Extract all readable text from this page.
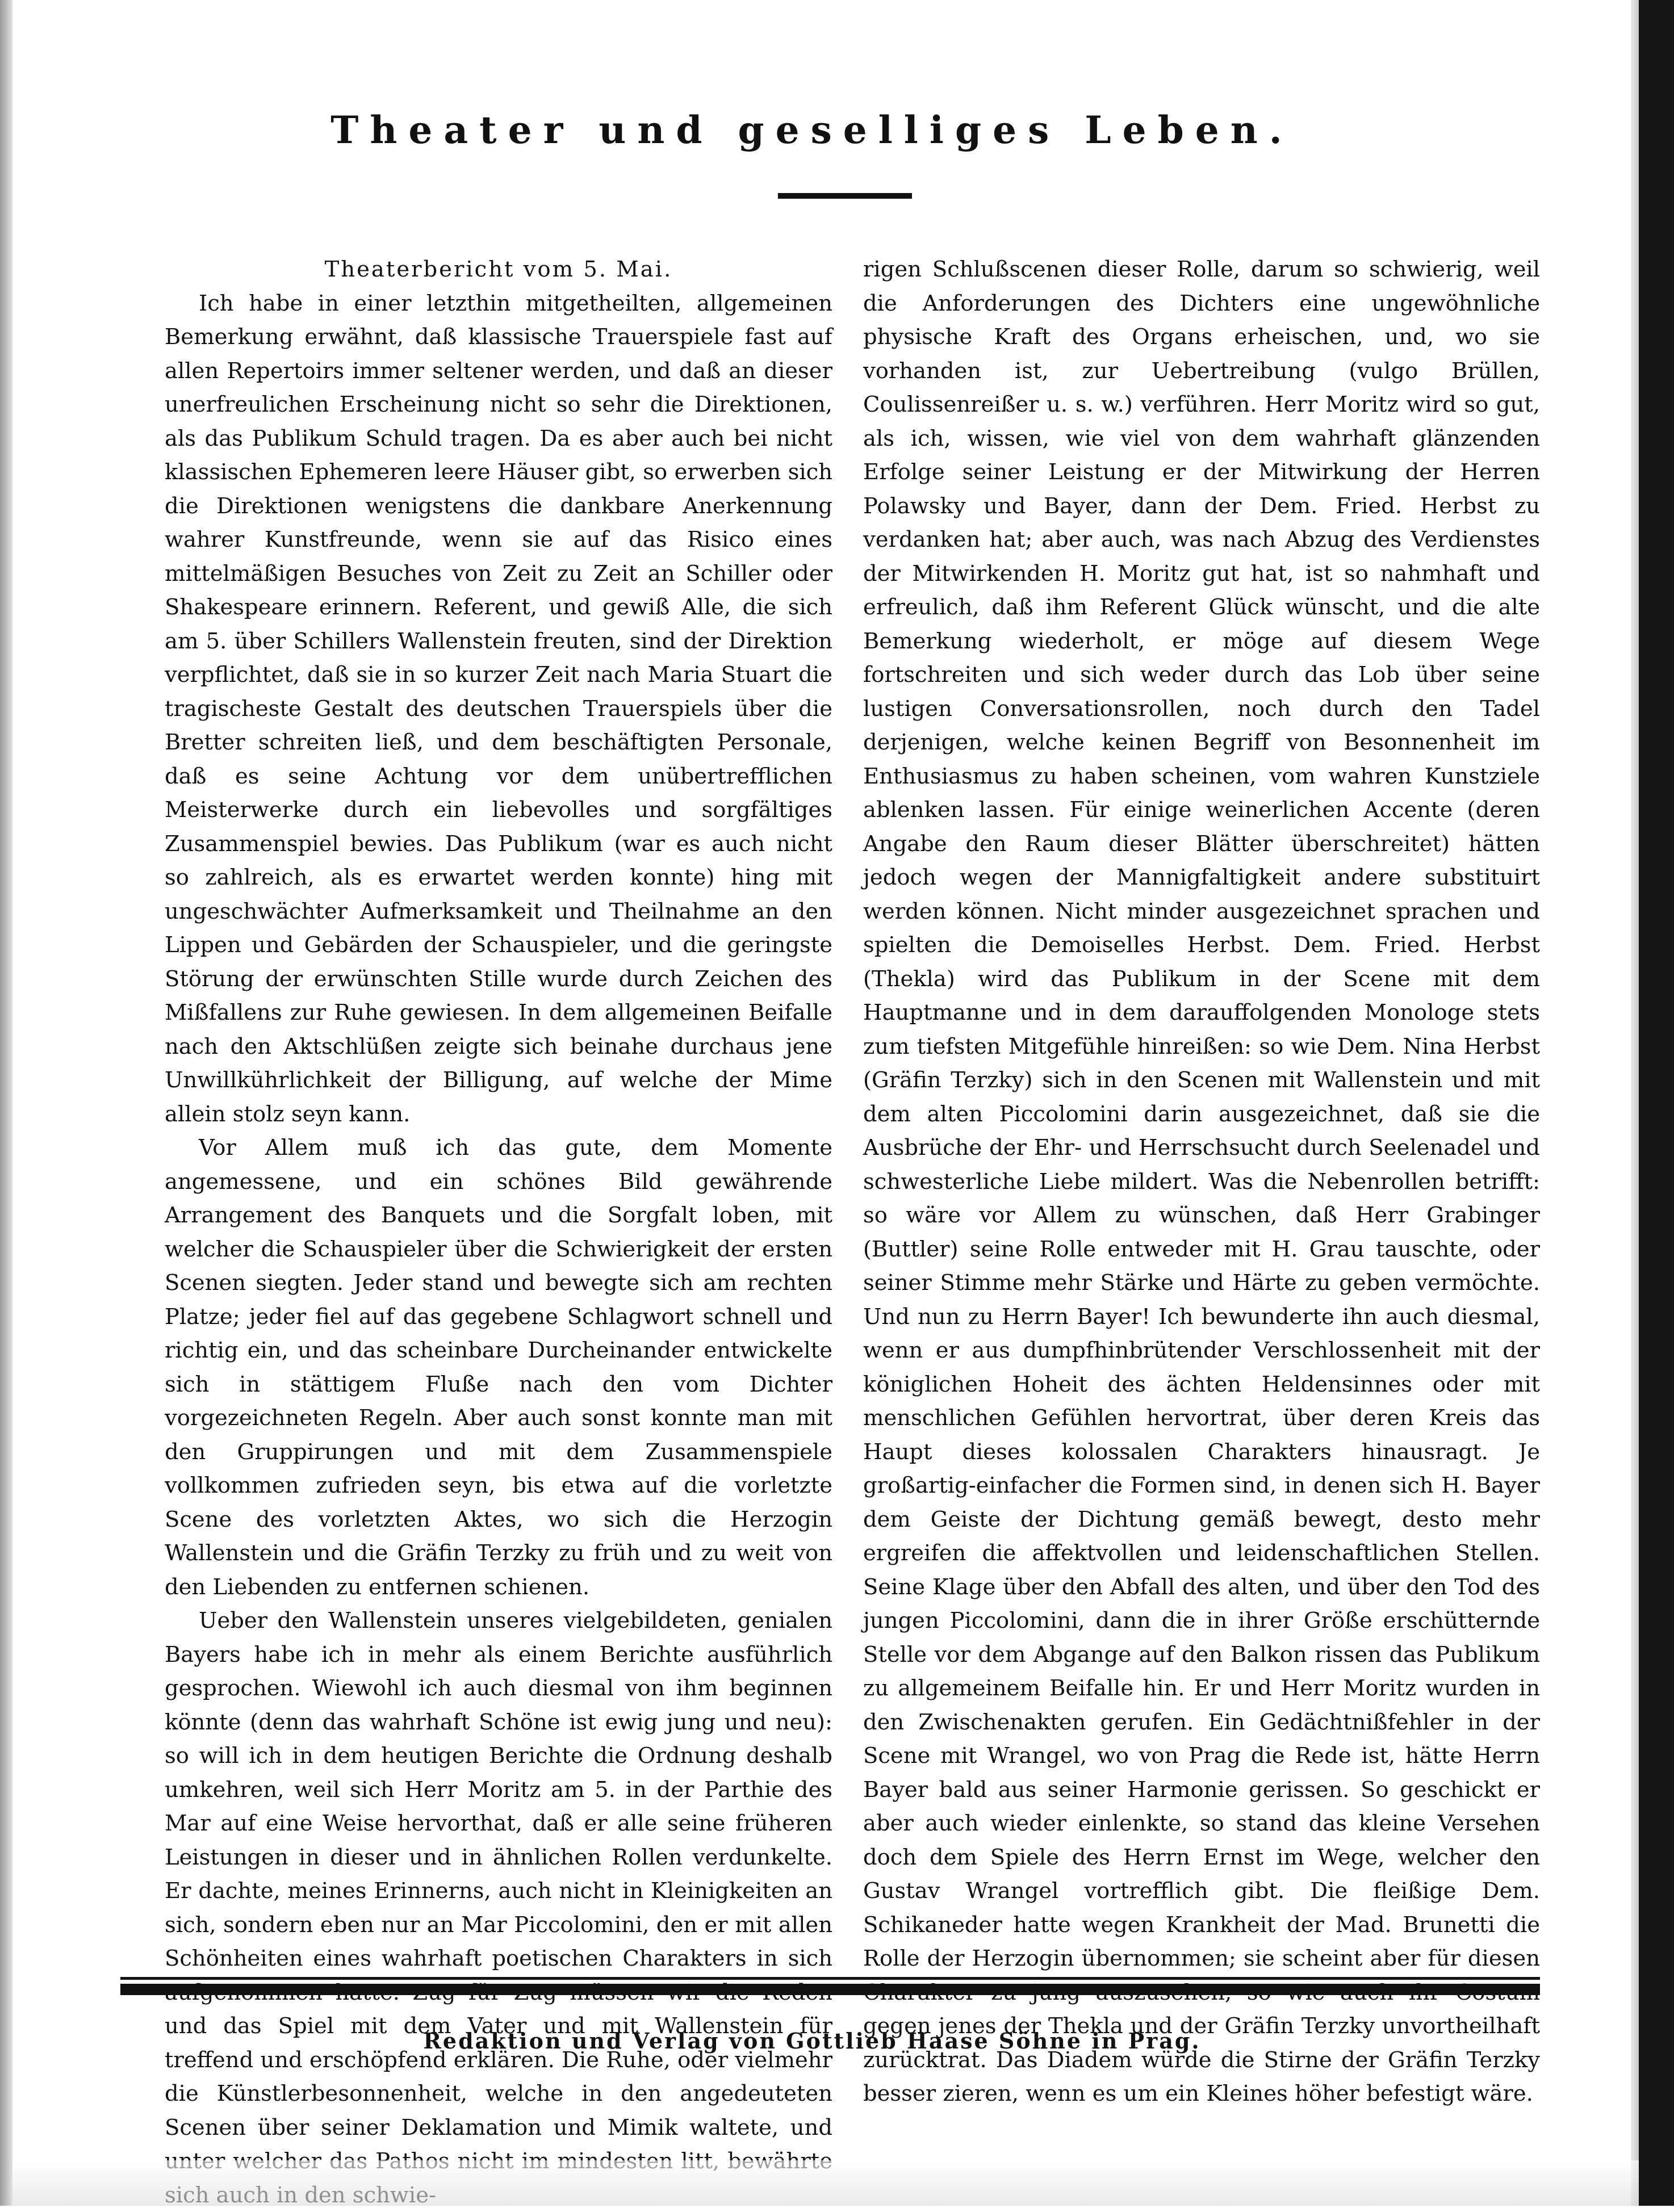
Theater und geselliges Leben.

Theaterbericht vom 5. Mai.

Ich habe in einer letzthin mitgetheilten, allgemeinen Bemerkung erwähnt, daß klassische Trauerspiele fast auf allen Repertoirs immer seltener werden, und daß an dieser unerfreulichen Erscheinung nicht so sehr die Direktionen, als das Publikum Schuld tragen. Da es aber auch bei nicht klassischen Ephemeren leere Häuser gibt, so erwerben sich die Direktionen wenigstens die dankbare Anerkennung wahrer Kunstfreunde, wenn sie auf das Risico eines mittelmäßigen Besuches von Zeit zu Zeit an Schiller oder Shakespeare erinnern. Referent, und gewiß Alle, die sich am 5. über Schillers Wallenstein freuten, sind der Direktion verpflichtet, daß sie in so kurzer Zeit nach Maria Stuart die tragischeste Gestalt des deutschen Trauerspiels über die Bretter schreiten ließ, und dem beschäftigten Personale, daß es seine Achtung vor dem unübertrefflichen Meisterwerke durch ein liebevolles und sorgfältiges Zusammenspiel bewies. Das Publikum (war es auch nicht so zahlreich, als es erwartet werden konnte) hing mit ungeschwächter Aufmerksamkeit und Theilnahme an den Lippen und Gebärden der Schauspieler, und die geringste Störung der erwünschten Stille wurde durch Zeichen des Mißfallens zur Ruhe gewiesen. In dem allgemeinen Beifalle nach den Aktschlüßen zeigte sich beinahe durchaus jene Unwillkührlichkeit der Billigung, auf welche der Mime allein stolz seyn kann.

Vor Allem muß ich das gute, dem Momente angemessene, und ein schönes Bild gewährende Arrangement des Banquets und die Sorgfalt loben, mit welcher die Schauspieler über die Schwierigkeit der ersten Scenen siegten. Jeder stand und bewegte sich am rechten Platze; jeder fiel auf das gegebene Schlagwort schnell und richtig ein, und das scheinbare Durcheinander entwickelte sich in stättigem Fluße nach den vom Dichter vorgezeichneten Regeln. Aber auch sonst konnte man mit den Gruppirungen und mit dem Zusammenspiele vollkommen zufrieden seyn, bis etwa auf die vorletzte Scene des vorletzten Aktes, wo sich die Herzogin Wallenstein und die Gräfin Terzky zu früh und zu weit von den Liebenden zu entfernen schienen.

Ueber den Wallenstein unseres vielgebildeten, genialen Bayers habe ich in mehr als einem Berichte ausführlich gesprochen. Wiewohl ich auch diesmal von ihm beginnen könnte (denn das wahrhaft Schöne ist ewig jung und neu): so will ich in dem heutigen Berichte die Ordnung deshalb umkehren, weil sich Herr Moritz am 5. in der Parthie des Mar auf eine Weise hervorthat, daß er alle seine früheren Leistungen in dieser und in ähnlichen Rollen verdunkelte. Er dachte, meines Erinnerns, auch nicht in Kleinigkeiten an sich, sondern eben nur an Mar Piccolomini, den er mit allen Schönheiten eines wahrhaft poetischen Charakters in sich und das Spiel mit dem Vater und mit Wallenstein für treffend und erschöpfend erklären. Die Ruhe, oder vielmehr die Künstlerbesonnenheit, welche in den angedeuteten Scenen über seiner Deklamation und Mimik waltete, und

rigen Schlußscenen dieser Rolle, darum so schwierig, weil die Anforderungen des Dichters eine ungewöhnliche physische Kraft des Organs erheischen, und, wo sie vorhanden ist, zur Uebertreibung (vulgo Brüllen, Coulissenreißer u. s. w.) verführen. Herr Moritz wird so gut, als ich, wissen, wie viel von dem wahrhaft glänzenden Erfolge seiner Leistung er der Mitwirkung der Herren Polawsky und Bayer, dann der Dem. Fried. Herbst zu verdanken hat; aber auch, was nach Abzug des Verdienstes der Mitwirkenden H. Moritz gut hat, ist so nahmhaft und erfreulich, daß ihm Referent Glück wünscht, und die alte Bemerkung wiederholt, er möge auf diesem Wege fortschreiten und sich weder durch das Lob über seine lustigen Conversationsrollen, noch durch den Tadel derjenigen, welche keinen Begriff von Besonnenheit im Enthusiasmus zu haben scheinen, vom wahren Kunstziele ablenken lassen. Für einige weinerlichen Accente (deren Angabe den Raum dieser Blätter überschreitet) hätten jedoch wegen der Mannigfaltigkeit andere substituirt werden können. Nicht minder ausgezeichnet sprachen und spielten die Demoiselles Herbst. Dem. Fried. Herbst (Thekla) wird das Publikum in der Scene mit dem Hauptmanne und in dem darauffolgenden Monologe stets zum tiefsten Mitgefühle hinreißen: so wie Dem. Nina Herbst (Gräfin Terzky) sich in den Scenen mit Wallenstein und mit dem alten Piccolomini darin ausgezeichnet, daß sie die Ausbrüche der Ehr- und Herrschsucht durch Seelenadel und schwesterliche Liebe mildert. Was die Nebenrollen betrifft: so wäre vor Allem zu wünschen, daß Herr Grabinger (Buttler) seine Rolle entweder mit H. Grau tauschte, oder seiner Stimme mehr Stärke und Härte zu geben vermöchte. Und nun zu Herrn Bayer! Ich bewunderte ihn auch diesmal, wenn er aus dumpfhinbrütender Verschlossenheit mit der königlichen Hoheit des ächten Heldensinnes oder mit menschlichen Gefühlen hervortrat, über deren Kreis das Haupt dieses kolossalen Charakters hinausragt. Je großartig-einfacher die Formen sind, in denen sich H. Bayer dem Geiste der Dichtung gemäß bewegt, desto mehr ergreifen die affektvollen und leidenschaftlichen Stellen. Seine Klage über den Abfall des alten, und über den Tod des jungen Piccolomini, dann die in ihrer Größe erschütternde Stelle vor dem Abgange auf den Balkon rissen das Publikum zu allgemeinem Beifalle hin. Er und Herr Moritz wurden in den Zwischenakten gerufen. Ein Gedächtnißfehler in der Scene mit Wrangel, wo von Prag die Rede ist, hätte Herrn Bayer bald aus seiner Harmonie gerissen. So geschickt er aber auch wieder einlenkte, so stand das kleine Versehen doch dem Spiele des Herrn Ernst im Wege, welcher den Gustav Wrangel vortrefflich gibt. Die fleißige Dem. Schikaneder hatte wegen Krankheit der Mad. Brunetti die Rolle der Herzogin übernommen; sie scheint aber für diesen gegen jenes der Thekla und der Gräfin Terzky unvortheilhaft zurücktrat. Das Diadem würde die Stirne der Gräfin Terzky besser zieren, wenn es um ein Kleines höher befestigt wäre.

Redaktion und Verlag von Gottlieb Haase Söhne in Prag.
